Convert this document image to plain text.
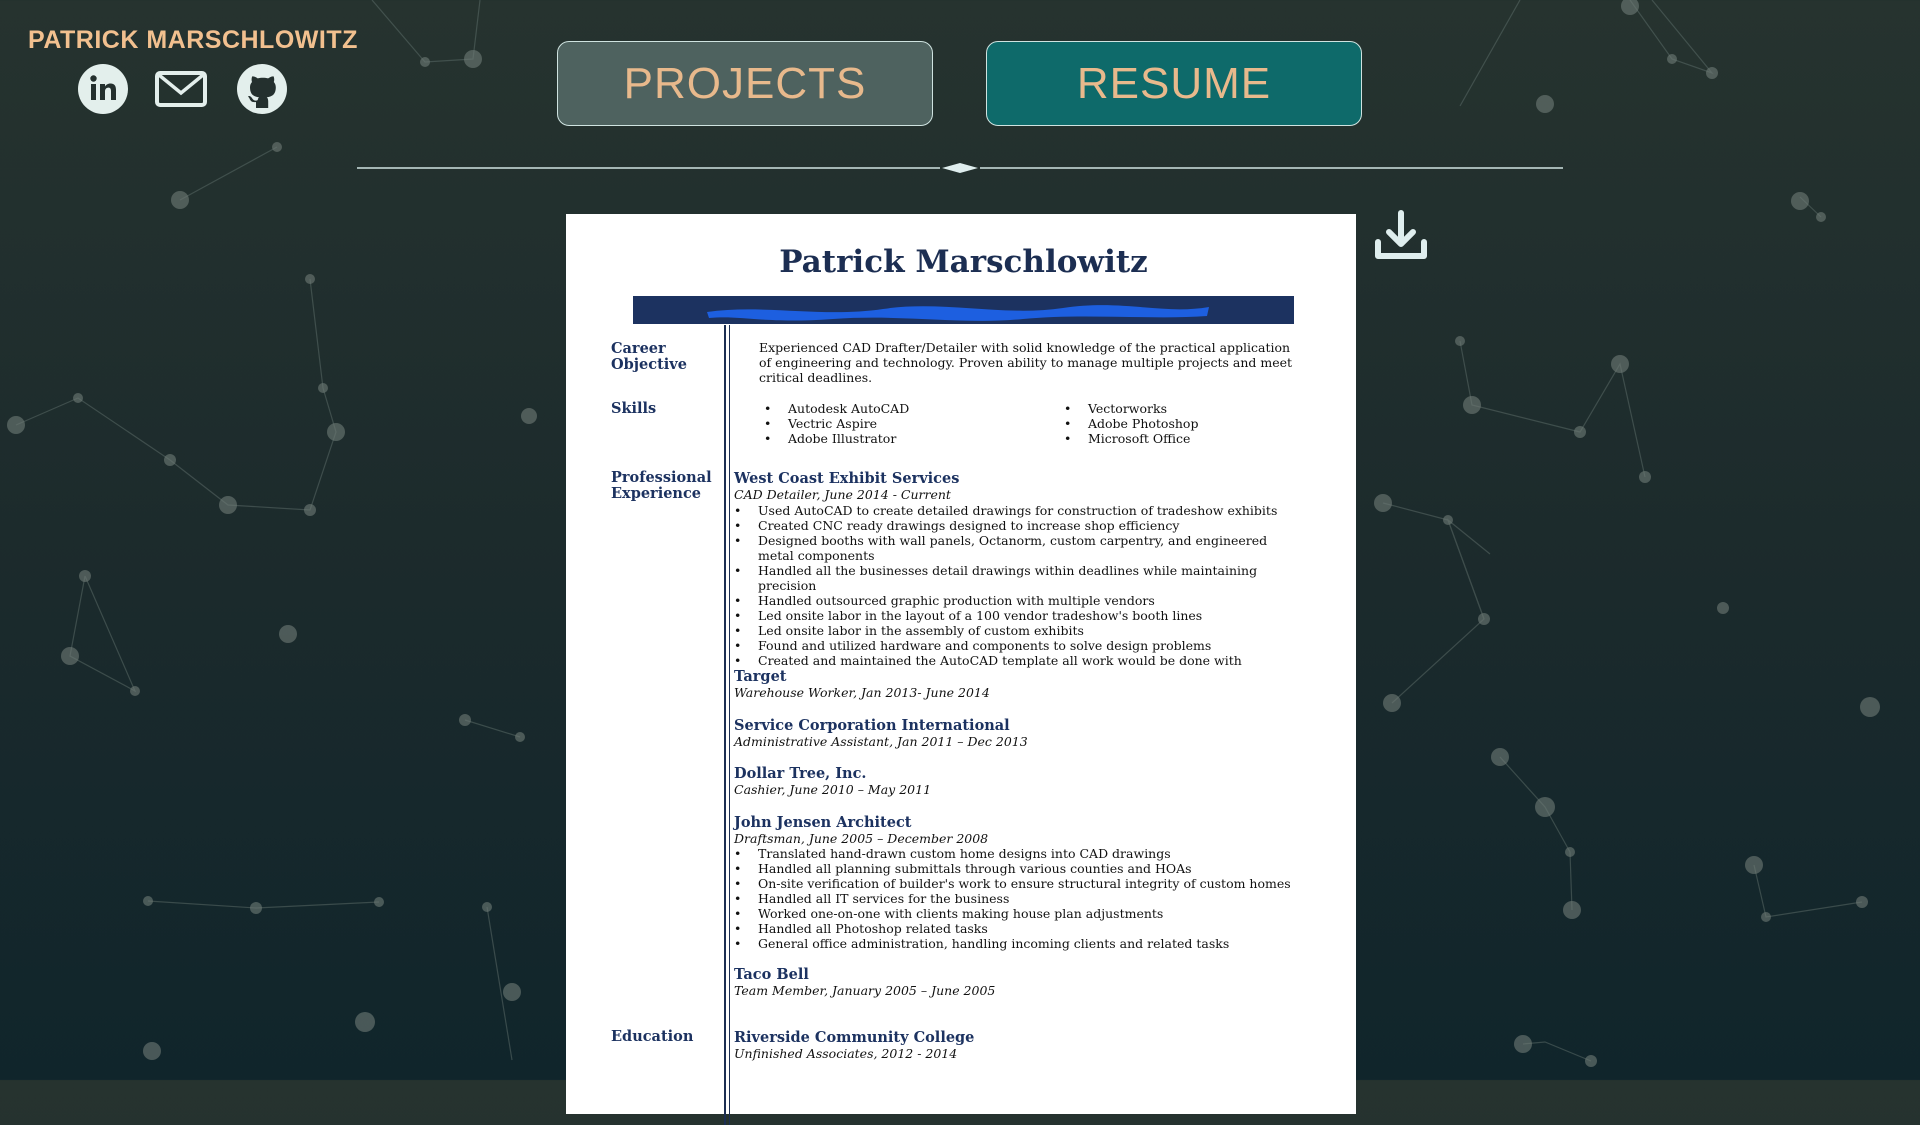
PATRICK MARSCHLOWITZ
PROJECTS	RESUME
Patrick Marschlowitz
Career Objective
Experienced CAD Drafter/Detailer with solid knowledge of the practical application of engineering and technology. Proven ability to manage multiple projects and meet critical deadlines.
Skills
•	Autodesk AutoCAD
• Vectric Aspire
• Adobe Illustrator
• Vectorworks
• Adobe Photoshop
• Microsoft Office
Professional Experience
West Coast Exhibit Services
CAD Detailer, June 2014 - Current
• Used AutoCAD to create detailed drawings for construction of tradeshow exhibits
• Created CNC ready drawings designed to increase shop efficiency
• Designed booths with wall panels, Octanorm, custom carpentry, and engineered metal components
• Handled all the businesses detail drawings within deadlines while maintaining precision
• Handled outsourced graphic production with multiple vendors
• Led onsite labor in the layout of a 100 vendor tradeshow's booth lines
• Led onsite labor in the assembly of custom exhibits
• Found and utilized hardware and components to solve design problems
• Created and maintained the AutoCAD template all work would be done with
Target
Warehouse Worker, Jan 2013- June 2014
Service Corporation International
Administrative Assistant, Jan 2011 – Dec 2013
Dollar Tree, Inc.
Cashier, June 2010 – May 2011
John Jensen Architect
Draftsman, June 2005 – December 2008
• Translated hand-drawn custom home designs into CAD drawings
• Handled all planning submittals through various counties and HOAs
• On-site verification of builder's work to ensure structural integrity of custom homes
• Handled all IT services for the business
• Worked one-on-one with clients making house plan adjustments
• Handled all Photoshop related tasks
• General office administration, handling incoming clients and related tasks
Taco Bell
Team Member, January 2005 – June 2005
Education	Riverside Community College
Unfinished Associates, 2012 - 2014
